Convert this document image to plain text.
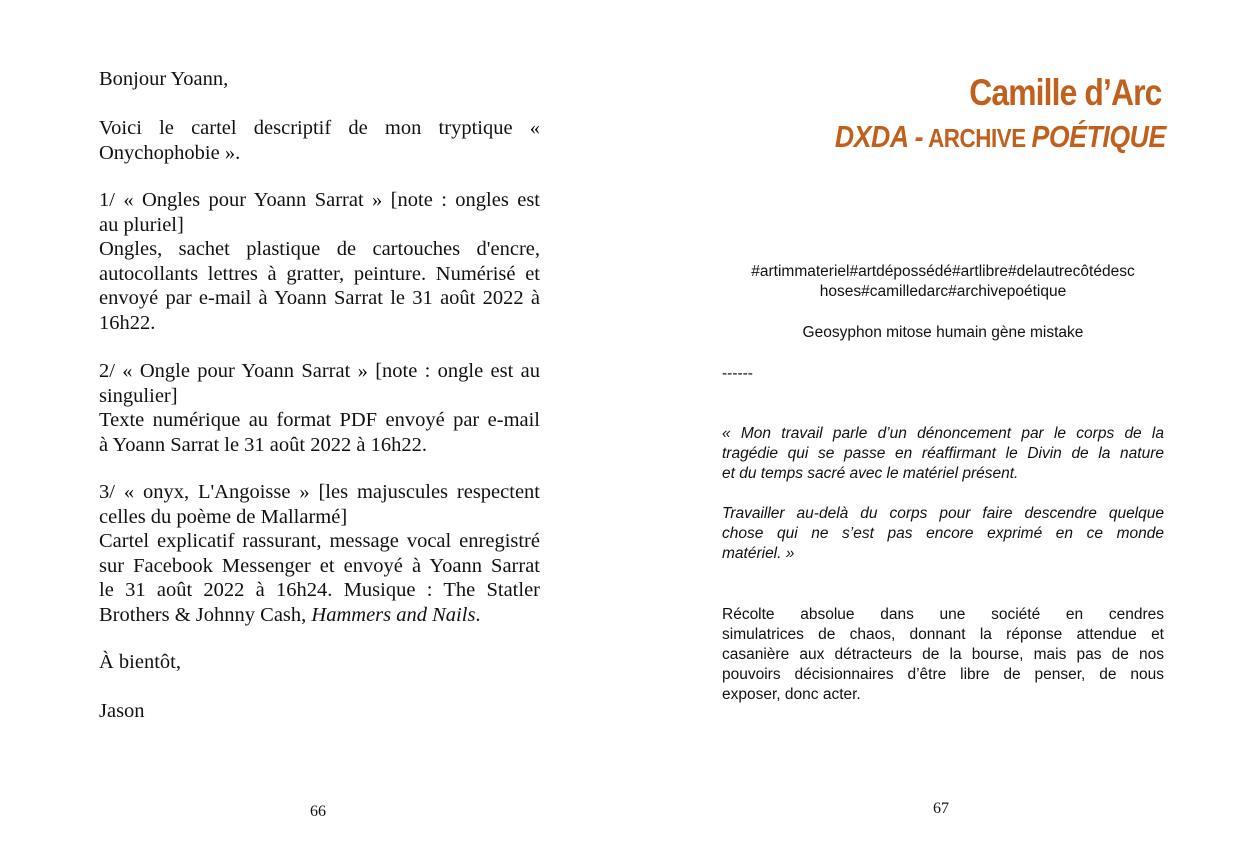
Bonjour Yoann,

Voici le cartel descriptif de mon tryptique «

Onychophobie ».

1/ « Ongles pour Yoann Sarrat » [note : ongles est

au pluriel]

Ongles, sachet plastique de cartouches d'encre,

autocollants lettres à gratter, peinture. Numérisé et

envoyé par e-mail à Yoann Sarrat le 31 août 2022 à

16h22.

2/ « Ongle pour Yoann Sarrat » [note : ongle est au

singulier]

Texte numérique au format PDF envoyé par e-mail

à Yoann Sarrat le 31 août 2022 à 16h22.

3/ « onyx, L'Angoisse » [les majuscules respectent

celles du poème de Mallarmé]

Cartel explicatif rassurant, message vocal enregistré

sur Facebook Messenger et envoyé à Yoann Sarrat

le 31 août 2022 à 16h24. Musique : The Statler

Brothers & Johnny Cash, Hammers and Nails.

À bientôt,
Jason
66
Camille d’Arc
DXDA - ARCHIVE POÉTIQUE
#artimmateriel#artdépossédé#artlibre#delautrecôtédesc
hoses#camilledarc#archivepoétique
Geosyphon mitose humain gène mistake
------
« Mon travail parle d’un dénoncement par le corps de la
tragédie qui se passe en réaffirmant le Divin de la nature
et du temps sacré avec le matériel présent.
Travailler au-delà du corps pour faire descendre quelque
chose qui ne s’est pas encore exprimé en ce monde
matériel. »
Récolte absolue dans une société en cendres
simulatrices de chaos, donnant la réponse attendue et
casanière aux détracteurs de la bourse, mais pas de nos
pouvoirs décisionnaires d’être libre de penser, de nous
exposer, donc acter.
67
